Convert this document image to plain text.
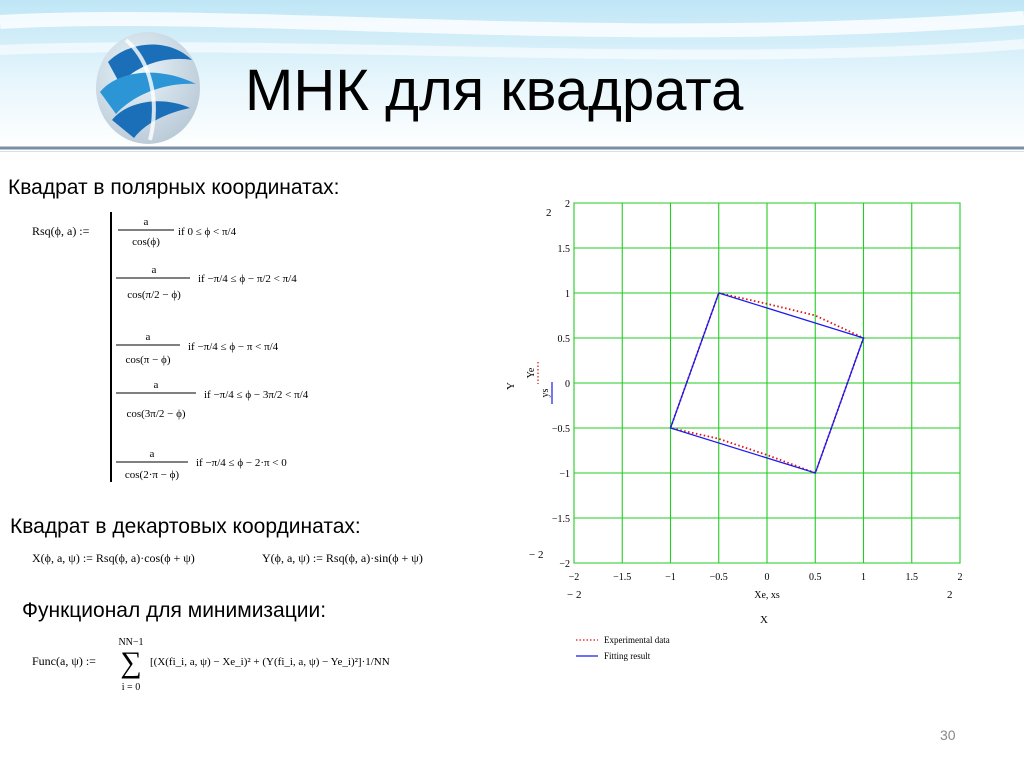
МНК для квадрата
Квадрат в полярных координатах:
Квадрат в декартовых координатах:
Функционал для минимизации:
Rsq(ϕ, a) :=
a
cos(ϕ)
if 0 ≤ ϕ < π/4
a
cos(π/2 − ϕ)
if −π/4 ≤ ϕ − π/2 < π/4
a
cos(π − ϕ)
if −π/4 ≤ ϕ − π < π/4
a
cos(3π/2 − ϕ)
if −π/4 ≤ ϕ − 3π/2 < π/4
a
cos(2·π − ϕ)
if −π/4 ≤ ϕ − 2·π < 0
X(ϕ, a, ψ) := Rsq(ϕ, a)·cos(ϕ + ψ)	Y(ϕ, a, ψ) := Rsq(ϕ, a)·sin(ϕ + ψ)
Func(a, ψ) :=
NN−1
∑
i = 0
[(X(fi_i, a, ψ) − Xe_i)² + (Y(fi_i, a, ψ) − Ye_i)²]·1/NN
2
1.5
1
0.5
0
−0.5
−1
−1.5
−2
−2	−1.5	−1	−0.5	0	0.5	1	1.5	2
2
− 2
− 2	2
Xe, xs
X
Y
Ye
ys
Experimental data
Fitting result
30
